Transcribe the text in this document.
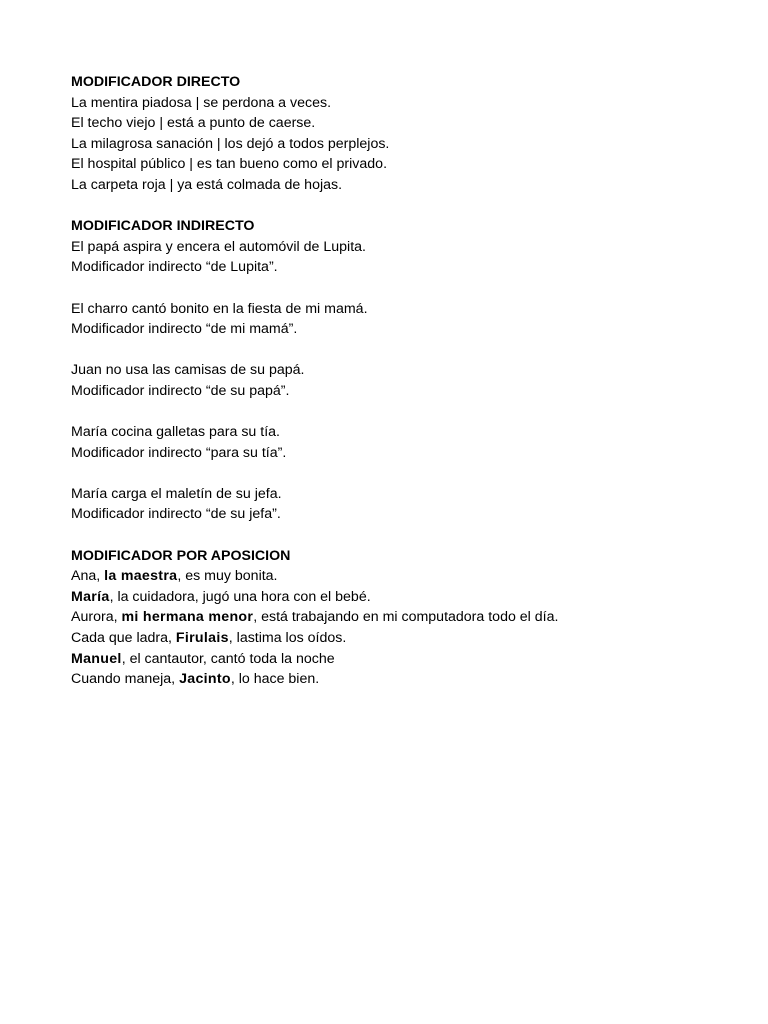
MODIFICADOR DIRECTO
La mentira piadosa | se perdona a veces.
El techo viejo | está a punto de caerse.
La milagrosa sanación | los dejó a todos perplejos.
El hospital público | es tan bueno como el privado.
La carpeta roja | ya está colmada de hojas.
MODIFICADOR INDIRECTO
El papá aspira y encera el automóvil de Lupita.
Modificador indirecto “de Lupita”.
El charro cantó bonito en la fiesta de mi mamá.
Modificador indirecto “de mi mamá”.
Juan no usa las camisas de su papá.
Modificador indirecto “de su papá”.
María cocina galletas para su tía.
Modificador indirecto “para su tía”.
María carga el maletín de su jefa.
Modificador indirecto “de su jefa”.
MODIFICADOR POR APOSICION
Ana, la maestra, es muy bonita.
María, la cuidadora, jugó una hora con el bebé.
Aurora, mi hermana menor, está trabajando en mi computadora todo el día.
Cada que ladra, Firulais, lastima los oídos.
Manuel, el cantautor, cantó toda la noche
Cuando maneja, Jacinto, lo hace bien.
